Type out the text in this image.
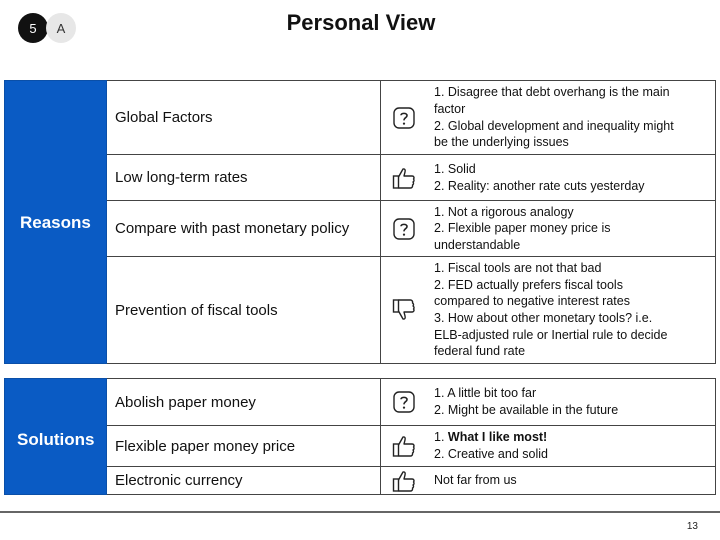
5 A	Personal View
Reasons
Global Factors
1. Disagree that debt overhang is the main
factor
2. Global development and inequality might
be the underlying issues
Low long-term rates
1. Solid
2. Reality: another rate cuts yesterday
Compare with past monetary policy
1. Not a rigorous analogy
2. Flexible paper money price is
understandable
Prevention of fiscal tools
1. Fiscal tools are not that bad
2. FED actually prefers fiscal tools
compared to negative interest rates
3. How about other monetary tools? i.e.
ELB-adjusted rule or Inertial rule to decide
federal fund rate
Solutions
Abolish paper money
1. A little bit too far
2. Might be available in the future
Flexible paper money price
1. What I like most!
2. Creative and solid
Electronic currency	Not far from us
13
